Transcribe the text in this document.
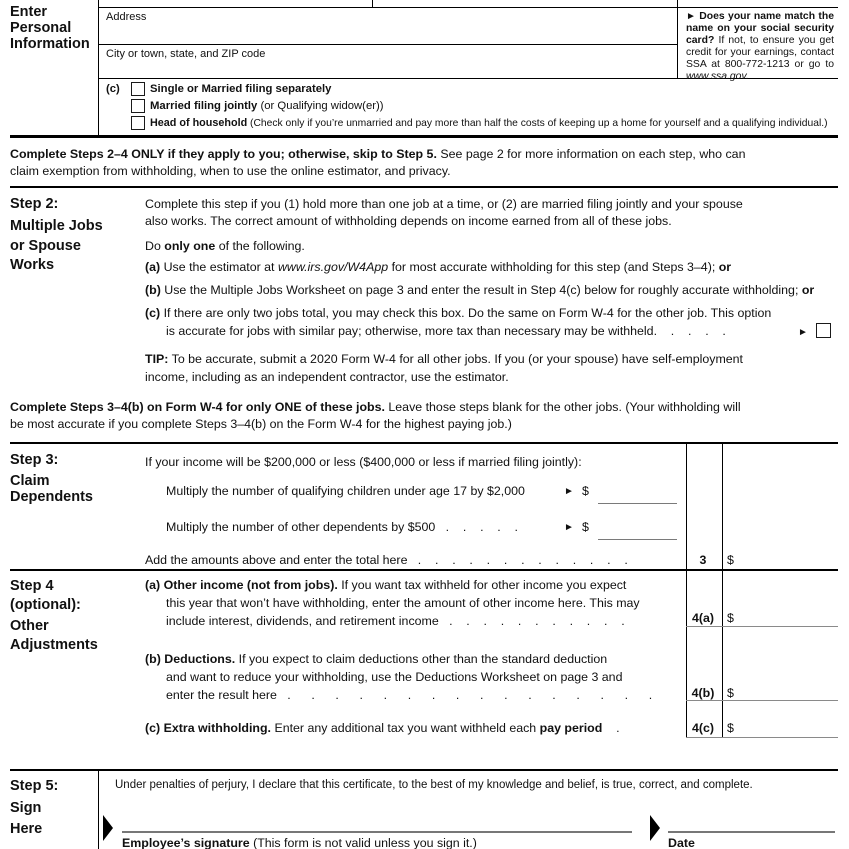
Enter
Personal
Information
Address
City or town, state, and ZIP code
► Does your name match the name on your social security card? If not, to ensure you get credit for your earnings, contact SSA at 800-772-1213 or go to www.ssa.gov.
(c)	Single or Married filing separately
Married filing jointly (or Qualifying widow(er))
Head of household (Check only if you’re unmarried and pay more than half the costs of keeping up a home for yourself and a qualifying individual.)
Complete Steps 2–4 ONLY if they apply to you; otherwise, skip to Step 5. See page 2 for more information on each step, who can
claim exemption from withholding, when to use the online estimator, and privacy.
Step 2:
Multiple Jobs
or Spouse
Works
Complete this step if you (1) hold more than one job at a time, or (2) are married filing jointly and your spouse
also works. The correct amount of withholding depends on income earned from all of these jobs.
Do only one of the following.
(a) Use the estimator at www.irs.gov/W4App for most accurate withholding for this step (and Steps 3–4); or
(b) Use the Multiple Jobs Worksheet on page 3 and enter the result in Step 4(c) below for roughly accurate withholding; or
(c) If there are only two jobs total, you may check this box. Do the same on Form W-4 for the other job. This option
is accurate for jobs with similar pay; otherwise, more tax than necessary may be withheld.    .    .    .    .	►
TIP: To be accurate, submit a 2020 Form W-4 for all other jobs. If you (or your spouse) have self-employment
income, including as an independent contractor, use the estimator.
Complete Steps 3–4(b) on Form W-4 for only ONE of these jobs. Leave those steps blank for the other jobs. (Your withholding will
be most accurate if you complete Steps 3–4(b) on the Form W-4 for the highest paying job.)
Step 3:
Claim
Dependents
If your income will be $200,000 or less ($400,000 or less if married filing jointly):
Multiply the number of qualifying children under age 17 by $2,000	► $
Multiply the number of other dependents by $500   .    .    .    .    .	► $
Add the amounts above and enter the total here   .    .    .    .    .    .    .    .    .    .    .    .    .	3	$
Step 4
(optional):
Other
Adjustments
(a) Other income (not from jobs). If you want tax withheld for other income you expect
this year that won’t have withholding, enter the amount of other income here. This may
include interest, dividends, and retirement income   .    .    .    .    .    .    .    .    .    .    .	4(a)	$
(b) Deductions. If you expect to claim deductions other than the standard deduction
and want to reduce your withholding, use the Deductions Worksheet on page 3 and
enter the result here   .      .      .      .      .      .      .      .      .      .      .      .      .      .      .      .	4(b)	$
(c) Extra withholding. Enter any additional tax you want withheld each pay period    .	4(c)	$
Step 5:
Sign
Here
Under penalties of perjury, I declare that this certificate, to the best of my knowledge and belief, is true, correct, and complete.
Employee’s signature (This form is not valid unless you sign it.)	Date
